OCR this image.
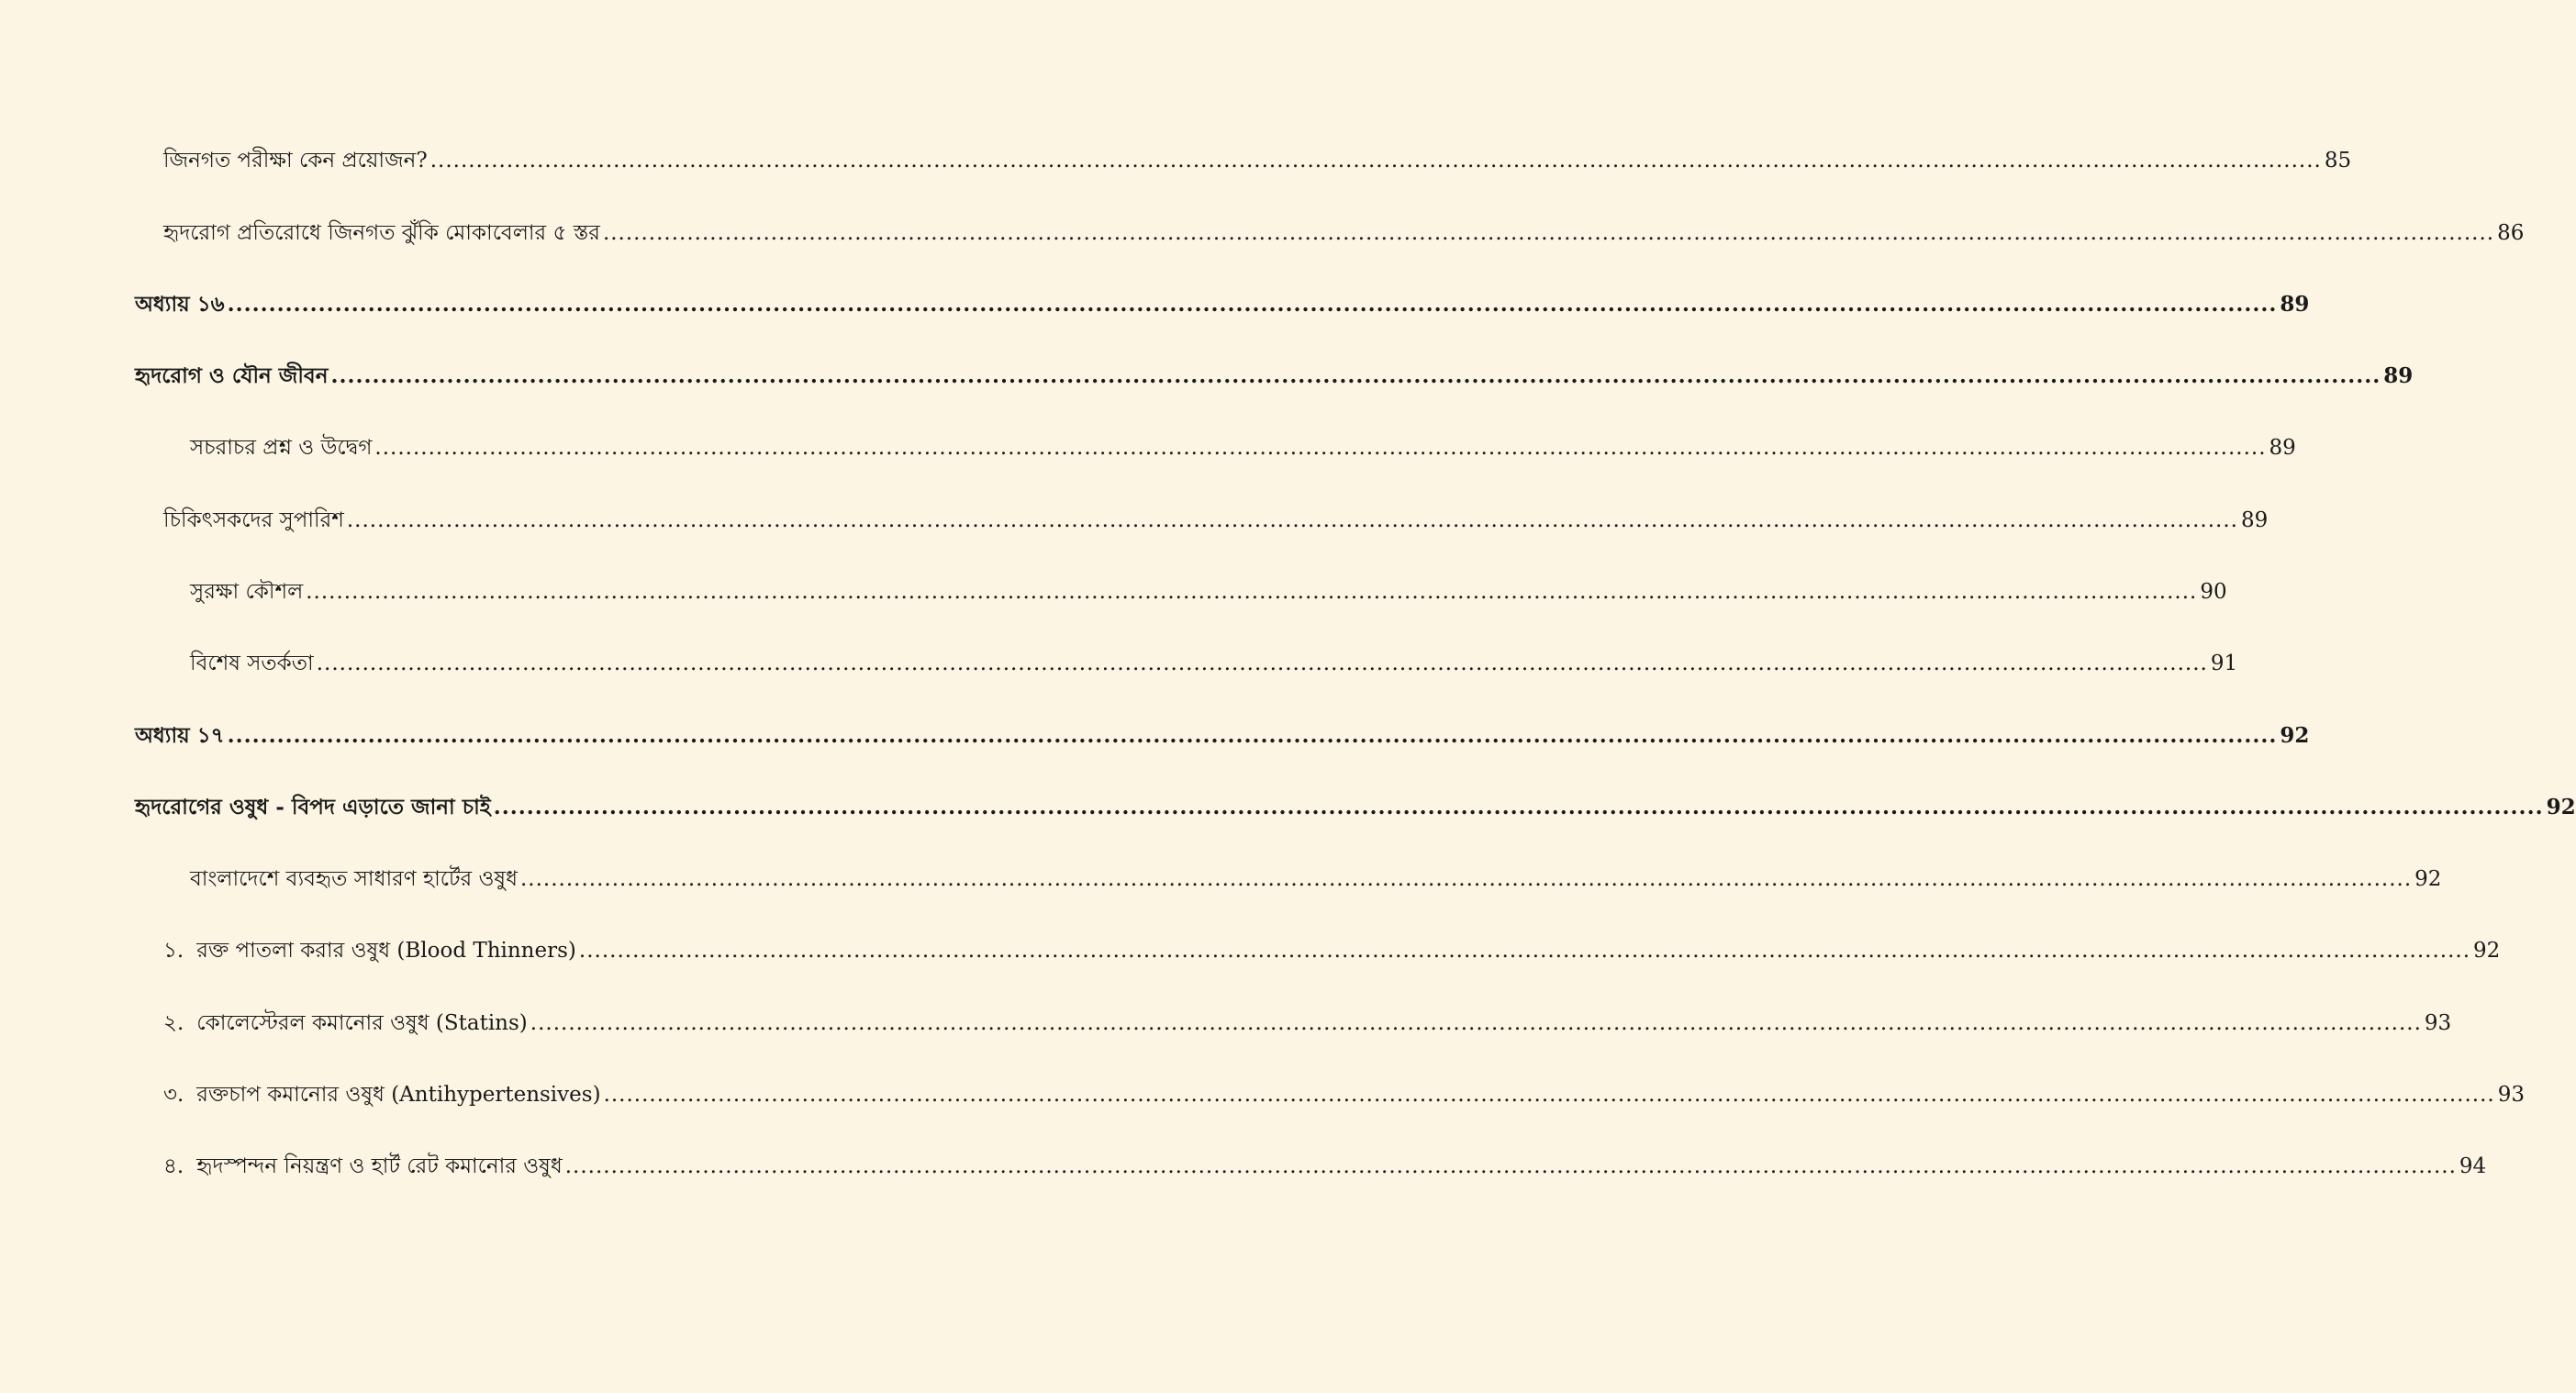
জিনগত পরীক্ষা কেন প্রয়োজন? .....	85
হৃদরোগ প্রতিরোধে জিনগত ঝুঁকি মোকাবেলার ৫ স্তর .....	86
অধ্যায় ১৬ .....	89
হৃদরোগ ও যৌন জীবন .....	89
সচরাচর প্রশ্ন ও উদ্বেগ .....	89
চিকিৎসকদের সুপারিশ .....	89
সুরক্ষা কৌশল .....	90
বিশেষ সতর্কতা .....	91
অধ্যায় ১৭ .....	92
হৃদরোগের ওষুধ - বিপদ এড়াতে জানা চাই .....	92
বাংলাদেশে ব্যবহৃত সাধারণ হার্টের ওষুধ .....	92
১. রক্ত পাতলা করার ওষুধ (Blood Thinners) .....	92
২. কোলেস্টেরল কমানোর ওষুধ (Statins) .....	93
৩. রক্তচাপ কমানোর ওষুধ (Antihypertensives) .....	93
৪. হৃদস্পন্দন নিয়ন্ত্রণ ও হার্ট রেট কমানোর ওষুধ .....	94
